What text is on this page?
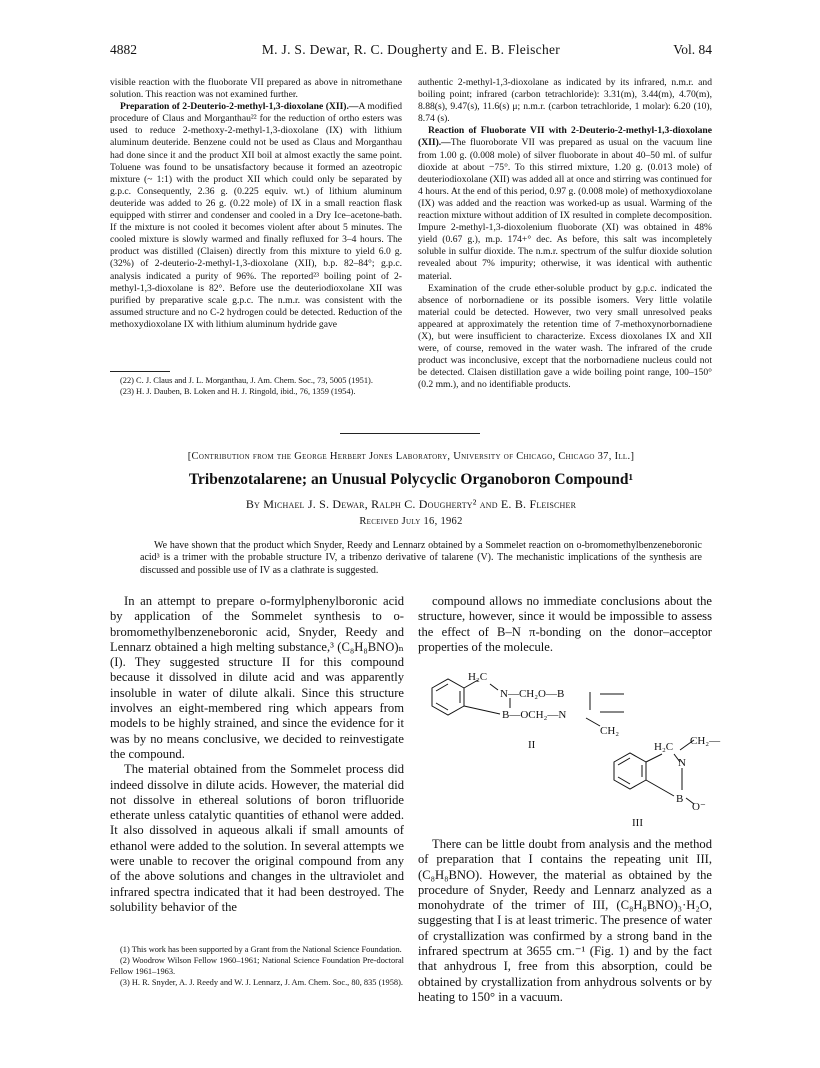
4882	M. J. S. Dewar, R. C. Dougherty and E. B. Fleischer	Vol. 84

visible reaction with the fluoborate VII prepared as above in nitromethane solution. This reaction was not examined further.

Preparation of 2-Deuterio-2-methyl-1,3-dioxolane (XII).—A modified procedure of Claus and Morganthau²² for the reduction of ortho esters was used to reduce 2-methoxy-2-methyl-1,3-dioxolane (IX) with lithium aluminum deuteride. Benzene could not be used as Claus and Morganthau had done since it and the product XII boil at almost exactly the same point. Toluene was found to be unsatisfactory because it formed an azeotropic mixture (~ 1:1) with the product XII which could only be separated by g.p.c. Consequently, 2.36 g. (0.225 equiv. wt.) of lithium aluminum deuteride was added to 26 g. (0.22 mole) of IX in a small reaction flask equipped with stirrer and condenser and cooled in a Dry Ice–acetone-bath. If the mixture is not cooled it becomes violent after about 5 minutes. The cooled mixture is slowly warmed and finally refluxed for 3–4 hours. The product was distilled (Claisen) directly from this mixture to yield 6.0 g. (32%) of 2-deuterio-2-methyl-1,3-dioxolane (XII), b.p. 82–84°; g.p.c. analysis indicated a purity of 96%. The reported²³ boiling point of 2-methyl-1,3-dioxolane is 82°. Before use the deuteriodioxolane XII was purified by preparative scale g.p.c. The n.m.r. was consistent with the assumed structure and no C-2 hydrogen could be detected. Reduction of the methoxydioxolane IX with lithium aluminum hydride gave

(22) C. J. Claus and J. L. Morganthau, J. Am. Chem. Soc., 73, 5005 (1951).

(23) H. J. Dauben, B. Loken and H. J. Ringold, ibid., 76, 1359 (1954).

authentic 2-methyl-1,3-dioxolane as indicated by its infrared, n.m.r. and boiling point; infrared (carbon tetrachloride): 3.31(m), 3.44(m), 4.70(m), 8.88(s), 9.47(s), 11.6(s) μ; n.m.r. (carbon tetrachloride, 1 molar): 6.20 (10), 8.74 (s).

Reaction of Fluoborate VII with 2-Deuterio-2-methyl-1,3-dioxolane (XII).—The fluoroborate VII was prepared as usual on the vacuum line from 1.00 g. (0.008 mole) of silver fluoborate in about 40–50 ml. of sulfur dioxide at about −75°. To this stirred mixture, 1.20 g. (0.013 mole) of deuteriodioxolane (XII) was added all at once and stirring was continued for 4 hours. At the end of this period, 0.97 g. (0.008 mole) of methoxydioxolane (IX) was added and the reaction was worked-up as usual. Warming of the reaction mixture without addition of IX resulted in complete decomposition. Impure 2-methyl-1,3-dioxolenium fluoborate (XI) was obtained in 48% yield (0.67 g.), m.p. 174+° dec. As before, this salt was incompletely soluble in sulfur dioxide. The n.m.r. spectrum of the sulfur dioxide solution revealed about 7% impurity; otherwise, it was identical with authentic material.

Examination of the crude ether-soluble product by g.p.c. indicated the absence of norbornadiene or its possible isomers. Very little volatile material could be detected. However, two very small unresolved peaks appeared at approximately the retention time of 7-methoxynorbornadiene (X), but were insufficient to characterize. Excess dioxolanes IX and XII were, of course, removed in the water wash. The infrared of the crude product was inconclusive, except that the norbornadiene nucleus could not be detected. Claisen distillation gave a wide boiling point range, 100–150° (0.2 mm.), and no identifiable products.

[Contribution from the George Herbert Jones Laboratory, University of Chicago, Chicago 37, Ill.]
Tribenzotalarene; an Unusual Polycyclic Organoboron Compound¹
By Michael J. S. Dewar, Ralph C. Dougherty² and E. B. Fleischer
Received July 16, 1962
We have shown that the product which Snyder, Reedy and Lennarz obtained by a Sommelet reaction on o-bromomethylbenzeneboronic acid³ is a trimer with the probable structure IV, a tribenzo derivative of talarene (V). The mechanistic implications of the synthesis are discussed and possible use of IV as a clathrate is suggested.

In an attempt to prepare o-formylphenylboronic acid by application of the Sommelet synthesis to o-bromomethylbenzeneboronic acid, Snyder, Reedy and Lennarz obtained a high melting substance,³ (C₈H₈BNO)ₙ (I). They suggested structure II for this compound because it dissolved in dilute acid and was apparently insoluble in water of dilute alkali. Since this structure involves an eight-membered ring which appears from models to be highly strained, and since the evidence for it was by no means conclusive, we decided to reinvestigate the compound.

The material obtained from the Sommelet process did indeed dissolve in dilute acids. However, the material did not dissolve in ethereal solutions of boron trifluoride etherate unless catalytic quantities of ethanol were added. It also dissolved in aqueous alkali if small amounts of ethanol were added to the solution. In several attempts we were unable to recover the original compound from any of the above solutions and changes in the ultraviolet and infrared spectra indicated that it had been destroyed. The solubility behavior of the

(1) This work has been supported by a Grant from the National Science Foundation.

(2) Woodrow Wilson Fellow 1960–1961; National Science Foundation Pre-doctoral Fellow 1961–1963.

(3) H. R. Snyder, A. J. Reedy and W. J. Lennarz, J. Am. Chem. Soc., 80, 835 (1958).

compound allows no immediate conclusions about the structure, however, since it would be impossible to assess the effect of B–N π-bonding on the donor–acceptor properties of the molecule.

H₂C
N—CH₂O—B
B—OCH₂—N
CH₂
II	H₂C CH₂—
N
B
O⁻
III

There can be little doubt from analysis and the method of preparation that I contains the repeating unit III, (C₈H₈BNO). However, the material as obtained by the procedure of Snyder, Reedy and Lennarz analyzed as a monohydrate of the trimer of III, (C₈H₈BNO)₃·H₂O, suggesting that I is at least trimeric. The presence of water of crystallization was confirmed by a strong band in the infrared spectrum at 3655 cm.⁻¹ (Fig. 1) and by the fact that anhydrous I, free from this absorption, could be obtained by crystallization from anhydrous solvents or by heating to 150° in a vacuum.
